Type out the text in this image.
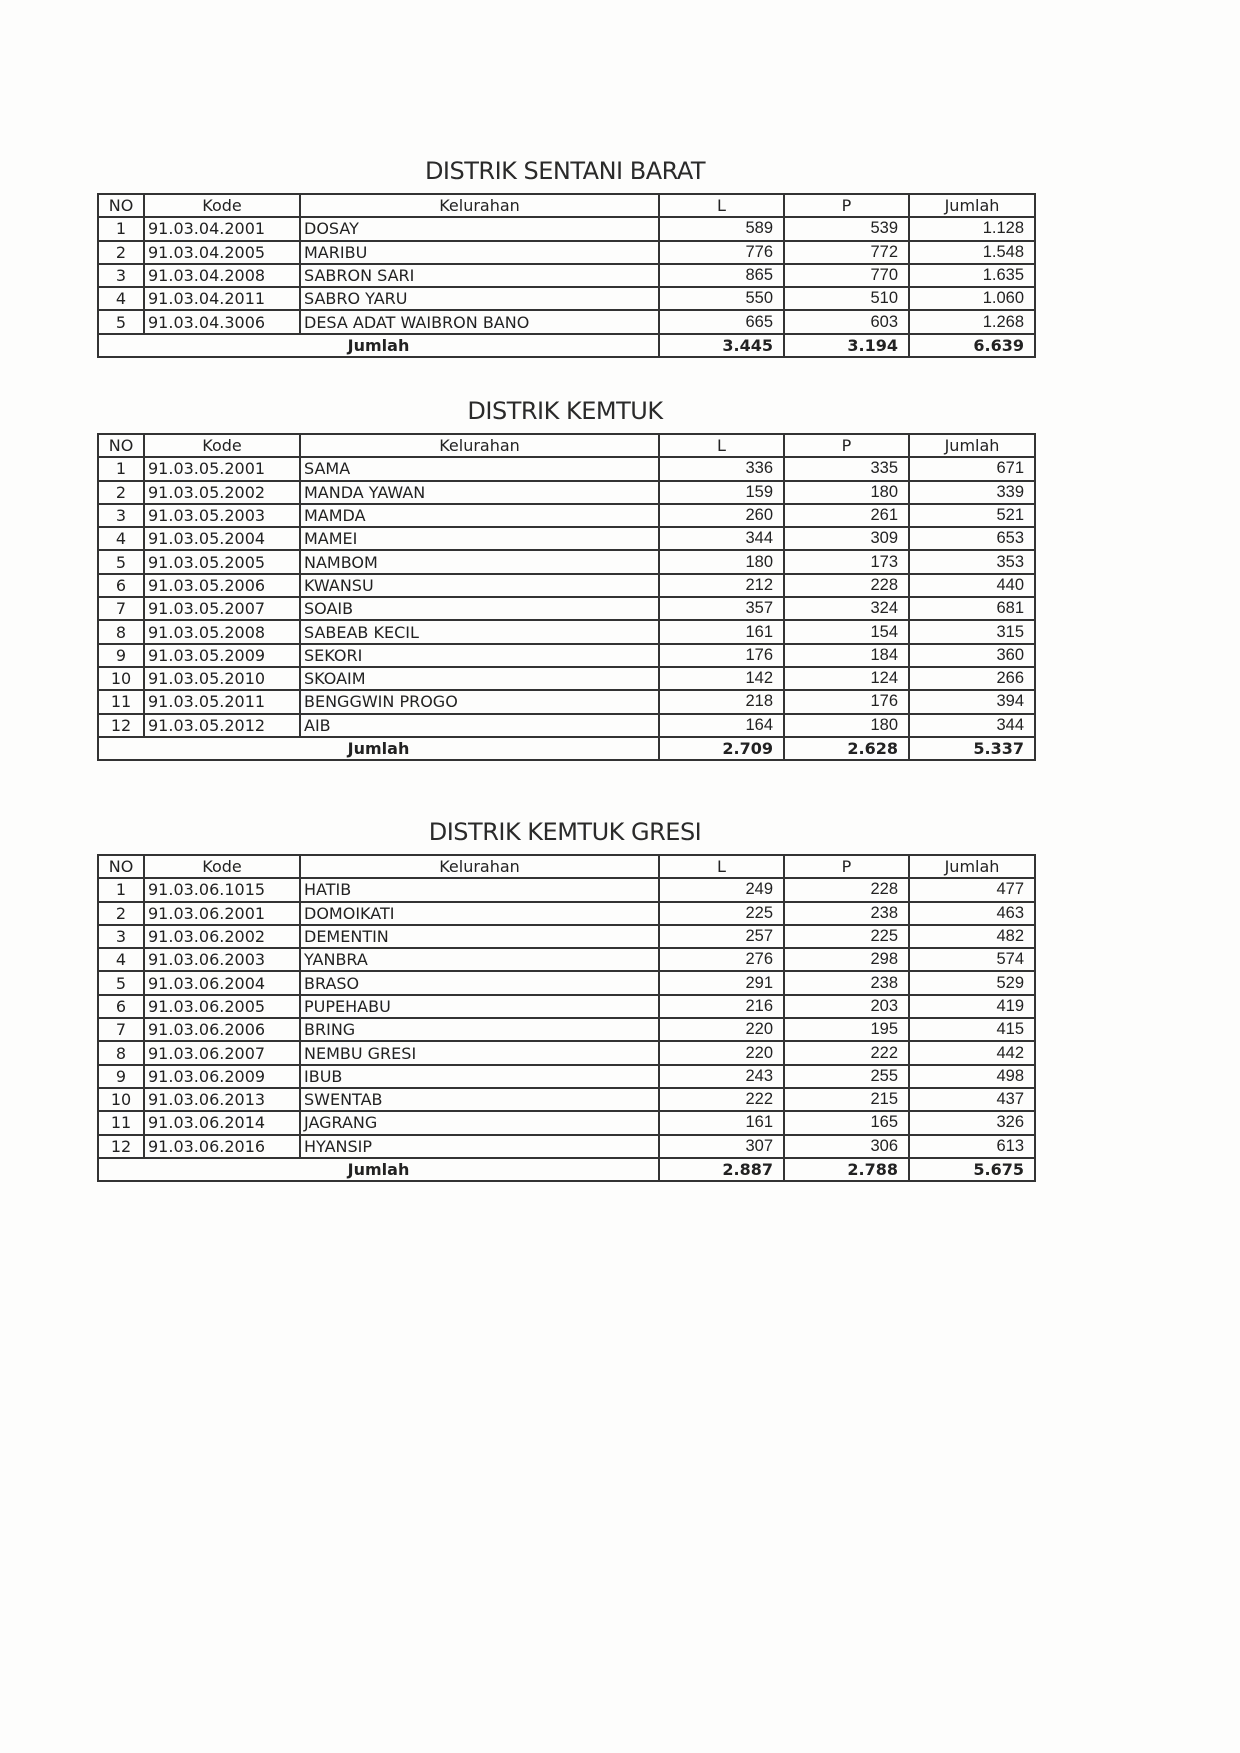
DISTRIK SENTANI BARAT
NO	Kode	Kelurahan	L	P	Jumlah
1	91.03.04.2001	DOSAY	589	539	1.128
2	91.03.04.2005	MARIBU	776	772	1.548
3	91.03.04.2008	SABRON SARI	865	770	1.635
4	91.03.04.2011	SABRO YARU	550	510	1.060
5	91.03.04.3006	DESA ADAT WAIBRON BANO	665	603	1.268
Jumlah			3.445	3.194	6.639
DISTRIK KEMTUK
NO	Kode	Kelurahan	L	P	Jumlah
1	91.03.05.2001	SAMA	336	335	671
2	91.03.05.2002	MANDA YAWAN	159	180	339
3	91.03.05.2003	MAMDA	260	261	521
4	91.03.05.2004	MAMEI	344	309	653
5	91.03.05.2005	NAMBOM	180	173	353
6	91.03.05.2006	KWANSU	212	228	440
7	91.03.05.2007	SOAIB	357	324	681
8	91.03.05.2008	SABEAB KECIL	161	154	315
9	91.03.05.2009	SEKORI	176	184	360
10	91.03.05.2010	SKOAIM	142	124	266
11	91.03.05.2011	BENGGWIN PROGO	218	176	394
12	91.03.05.2012	AIB	164	180	344
Jumlah			2.709	2.628	5.337
DISTRIK KEMTUK GRESI
NO	Kode	Kelurahan	L	P	Jumlah
1	91.03.06.1015	HATIB	249	228	477
2	91.03.06.2001	DOMOIKATI	225	238	463
3	91.03.06.2002	DEMENTIN	257	225	482
4	91.03.06.2003	YANBRA	276	298	574
5	91.03.06.2004	BRASO	291	238	529
6	91.03.06.2005	PUPEHABU	216	203	419
7	91.03.06.2006	BRING	220	195	415
8	91.03.06.2007	NEMBU GRESI	220	222	442
9	91.03.06.2009	IBUB	243	255	498
10	91.03.06.2013	SWENTAB	222	215	437
11	91.03.06.2014	JAGRANG	161	165	326
12	91.03.06.2016	HYANSIP	307	306	613
Jumlah			2.887	2.788	5.675
